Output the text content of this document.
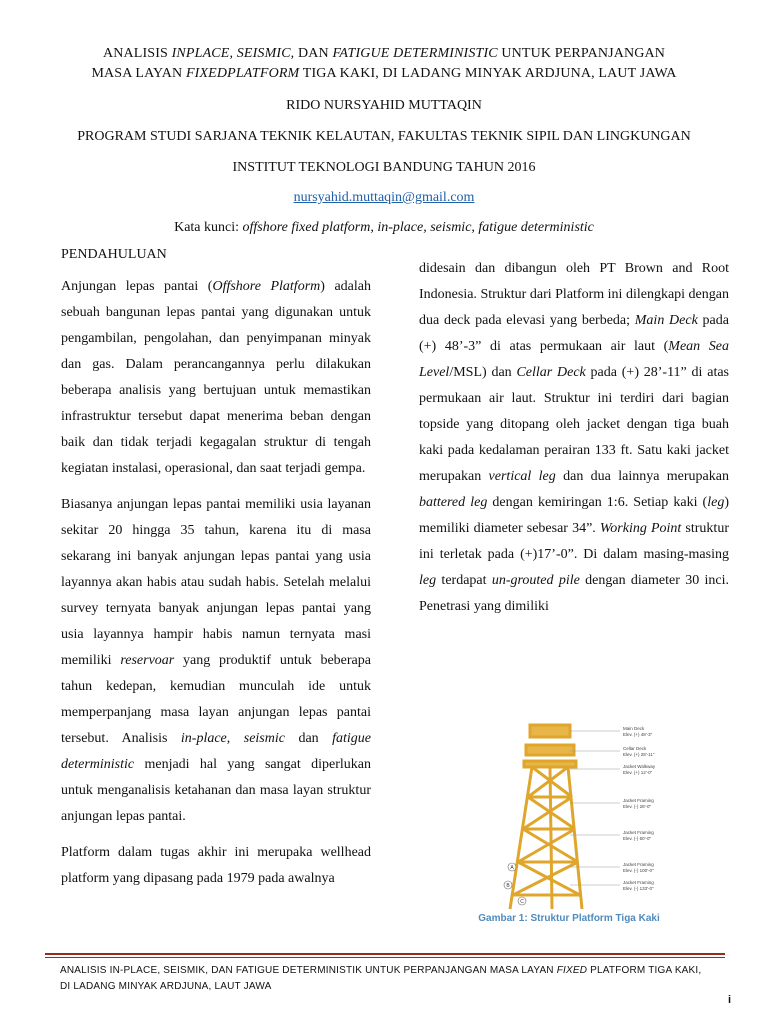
ANALISIS INPLACE, SEISMIC, DAN FATIGUE DETERMINISTIC UNTUK PERPANJANGAN
MASA LAYAN FIXEDPLATFORM TIGA KAKI, DI LADANG MINYAK ARDJUNA, LAUT JAWA
RIDO NURSYAHID MUTTAQIN
PROGRAM STUDI SARJANA TEKNIK KELAUTAN, FAKULTAS TEKNIK SIPIL DAN LINGKUNGAN
INSTITUT TEKNOLOGI BANDUNG TAHUN 2016
nursyahid.muttaqin@gmail.com
Kata kunci: offshore fixed platform, in-place, seismic, fatigue deterministic
PENDAHULUAN

Anjungan lepas pantai (Offshore Platform) adalah sebuah bangunan lepas pantai yang digunakan untuk pengambilan, pengolahan, dan penyimpanan minyak dan gas. Dalam perancangannya perlu dilakukan beberapa analisis yang bertujuan untuk memastikan infrastruktur tersebut dapat menerima beban dengan baik dan tidak terjadi kegagalan struktur di tengah kegiatan instalasi, operasional, dan saat terjadi gempa.

Biasanya anjungan lepas pantai memiliki usia layanan sekitar 20 hingga 35 tahun, karena itu di masa sekarang ini banyak anjungan lepas pantai yang usia layannya akan habis atau sudah habis. Setelah melalui survey ternyata banyak anjungan lepas pantai yang usia layannya hampir habis namun ternyata masi memiliki reservoar yang produktif untuk beberapa tahun kedepan, kemudian munculah ide untuk memperpanjang masa layan anjungan lepas pantai tersebut. Analisis in-place, seismic dan fatigue deterministic menjadi hal yang sangat diperlukan untuk menganalisis ketahanan dan masa layan struktur anjungan lepas pantai.

Platform dalam tugas akhir ini merupaka wellhead platform yang dipasang pada 1979 pada awalnya

didesain dan dibangun oleh PT Brown and Root Indonesia. Struktur dari Platform ini dilengkapi dengan dua deck pada elevasi yang berbeda; Main Deck pada (+) 48’-3” di atas permukaan air laut (Mean Sea Level/MSL) dan Cellar Deck pada (+) 28’-11” di atas permukaan air laut. Struktur ini terdiri dari bagian topside yang ditopang oleh jacket dengan tiga buah kaki pada kedalaman perairan 133 ft. Satu kaki jacket merupakan vertical leg dan dua lainnya merupakan battered leg dengan kemiringan 1:6. Setiap kaki (leg) memiliki diameter sebesar 34”. Working Point struktur ini terletak pada (+)17’-0”. Di dalam masing-masing leg terdapat un-grouted pile dengan diameter 30 inci. Penetrasi yang dimiliki

Main Deck
Elev. (+) 48'-3"
Cellar Deck
Elev. (+) 28'-11"
Jacket Walkway
Elev. (+) 12'-0"
Jacket Framing
Elev. (-) 28'-0"
Jacket Framing
Elev. (-) 60'-0"
Jacket Framing
Elev. (-) 100'-0"
Jacket Framing
Elev. (-) 133'-0"
A
B
C
Gambar 1: Struktur Platform Tiga Kaki
ANALISIS IN-PLACE, SEISMIK, DAN FATIGUE DETERMINISTIK UNTUK PERPANJANGAN MASA LAYAN FIXED PLATFORM TIGA KAKI,
DI LADANG MINYAK ARDJUNA, LAUT JAWA
i
